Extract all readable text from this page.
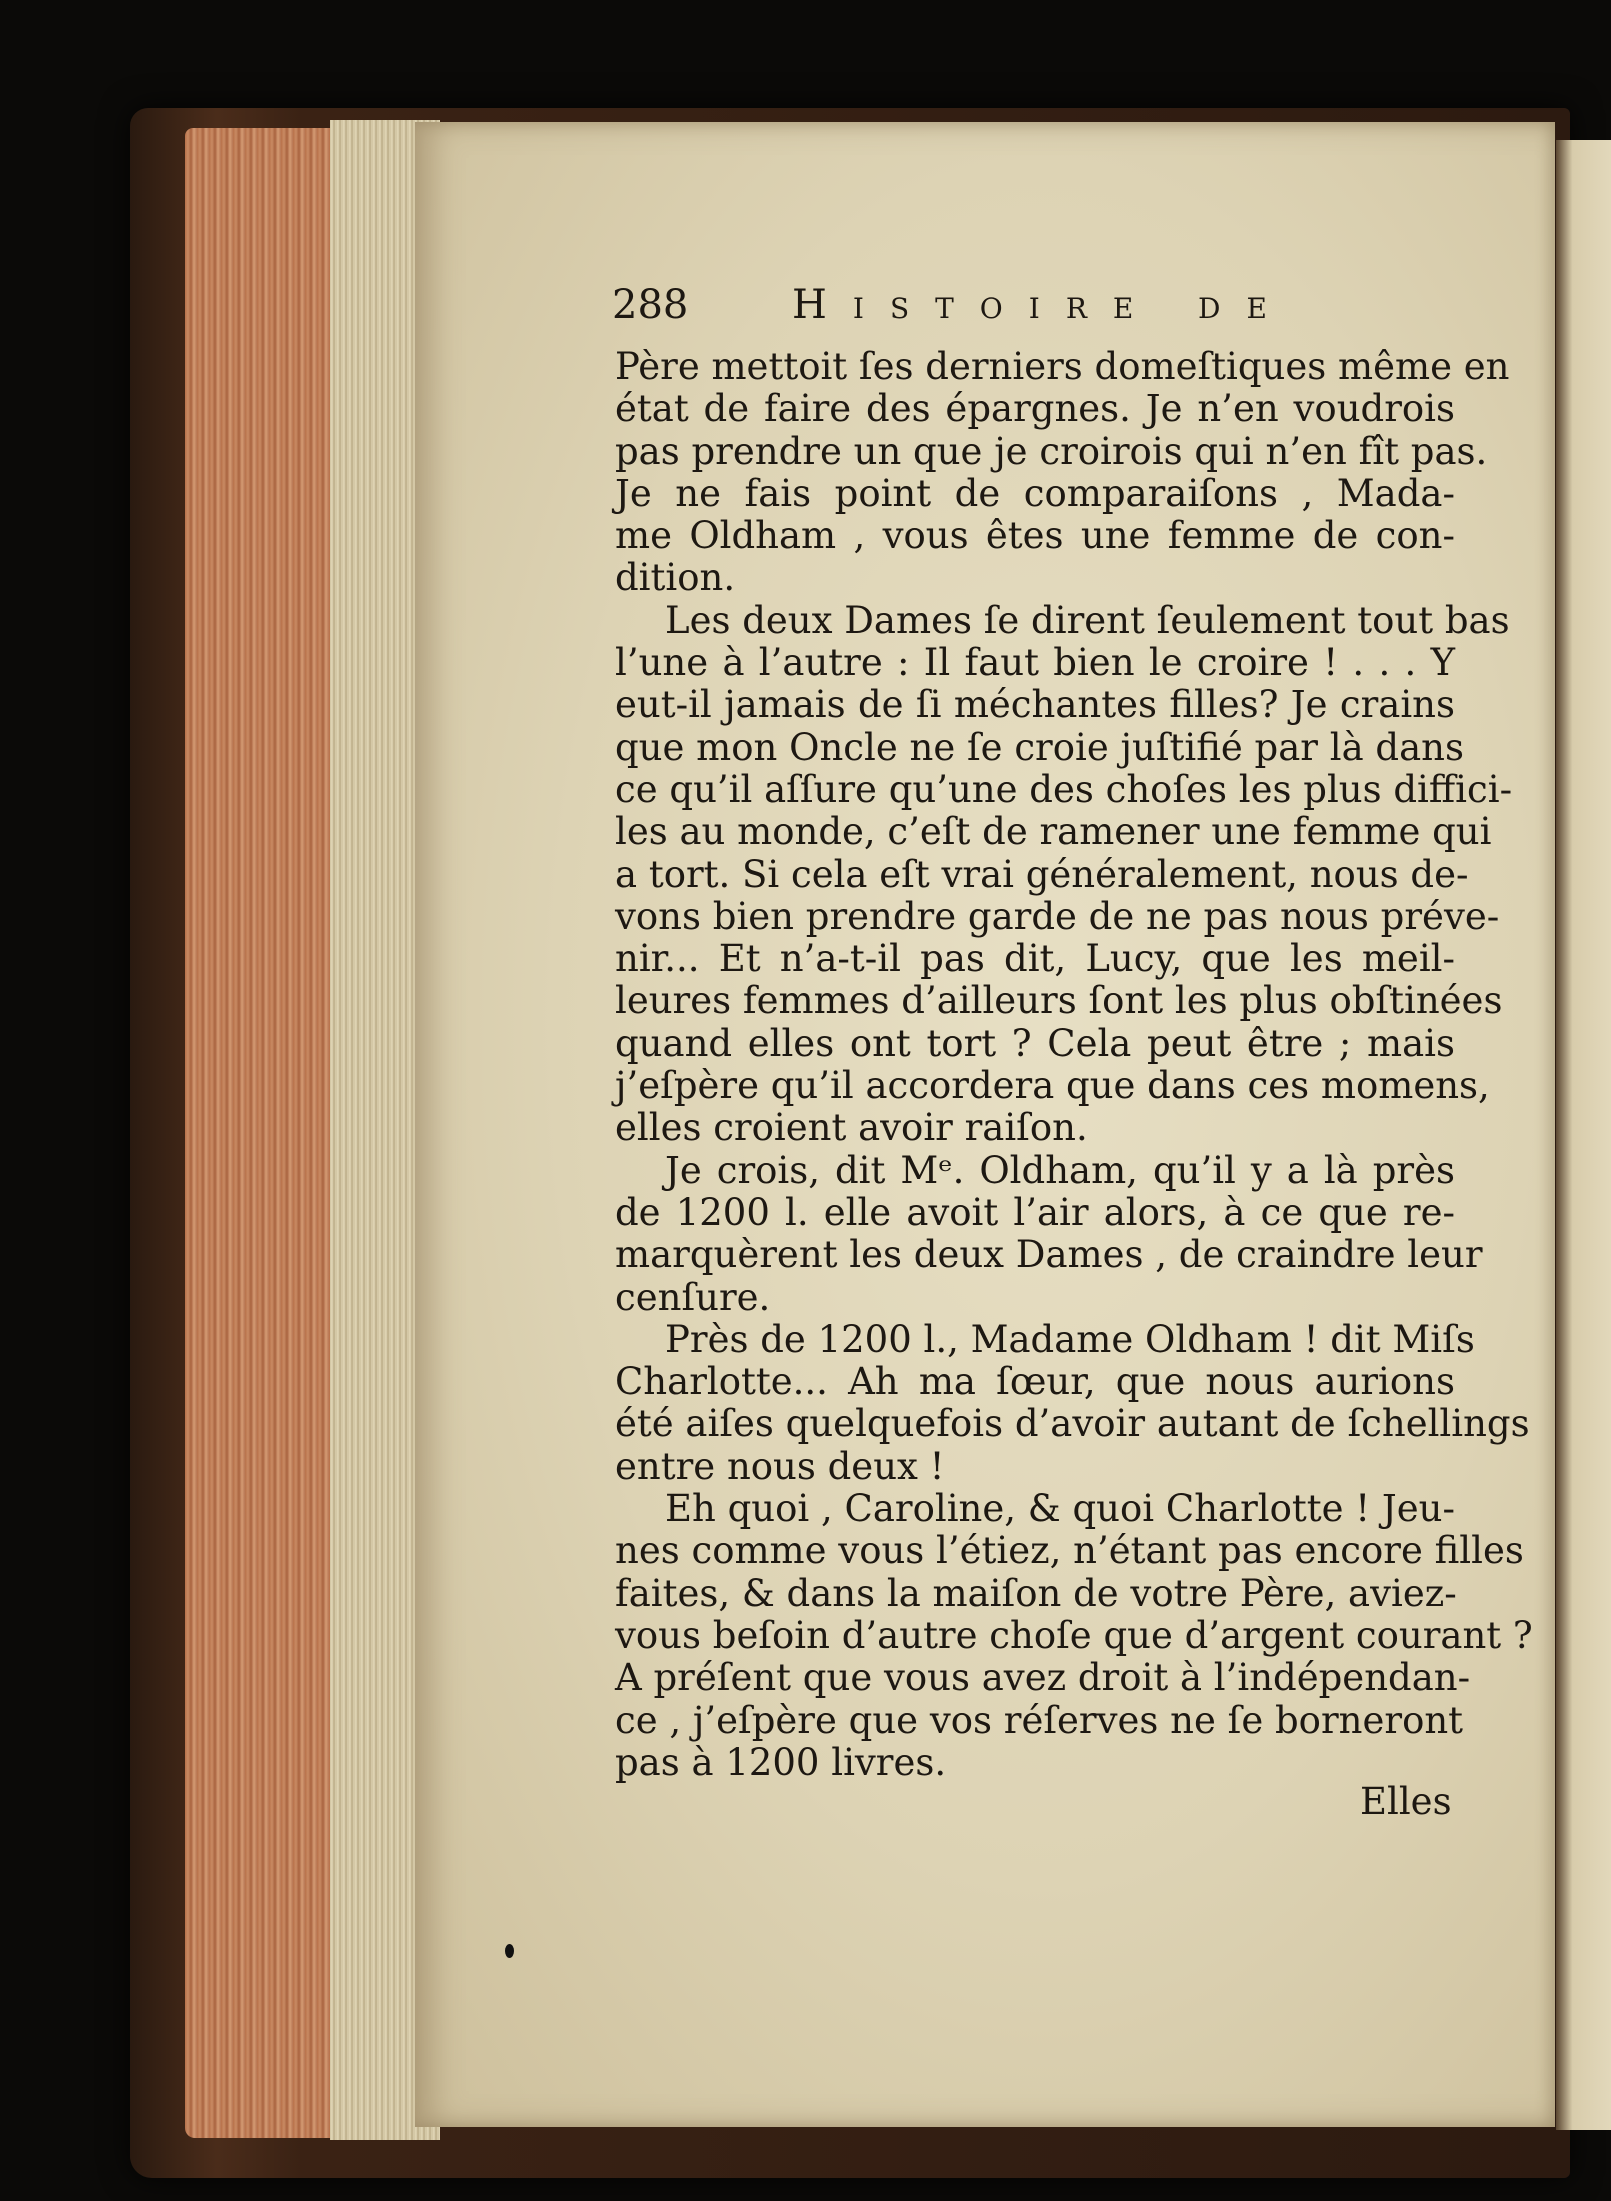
288	Histoire de
Père mettoit ſes derniers domeſtiques même en
état de faire des épargnes. Je n’en voudrois
pas prendre un que je croirois qui n’en fît pas.
Je ne fais point de comparaiſons , Mada-
me Oldham , vous êtes une femme de con-
dition.
Les deux Dames ſe dirent ſeulement tout bas
l’une à l’autre : Il faut bien le croire ! . . . Y
eut-il jamais de ſi méchantes filles? Je crains
que mon Oncle ne ſe croie juſtifié par là dans
ce qu’il aſſure qu’une des choſes les plus diffici-
les au monde, c’eſt de ramener une femme qui
a tort. Si cela eſt vrai généralement, nous de-
vons bien prendre garde de ne pas nous préve-
nir... Et n’a-t-il pas dit, Lucy, que les meil-
leures femmes d’ailleurs ſont les plus obſtinées
quand elles ont tort ? Cela peut être ; mais
j’eſpère qu’il accordera que dans ces momens,
elles croient avoir raiſon.
Je crois, dit Mᵉ. Oldham, qu’il y a là près
de 1200 l. elle avoit l’air alors, à ce que re-
marquèrent les deux Dames , de craindre leur
cenſure.
Près de 1200 l., Madame Oldham ! dit Miſs
Charlotte... Ah ma ſœur, que nous aurions
été aiſes quelquefois d’avoir autant de ſchellings
entre nous deux !
Eh quoi , Caroline, & quoi Charlotte ! Jeu-
nes comme vous l’étiez, n’étant pas encore filles
faites, & dans la maiſon de votre Père, aviez-
vous beſoin d’autre choſe que d’argent courant ?
A préſent que vous avez droit à l’indépendan-
ce , j’eſpère que vos réſerves ne ſe borneront
pas à 1200 livres.
Elles
